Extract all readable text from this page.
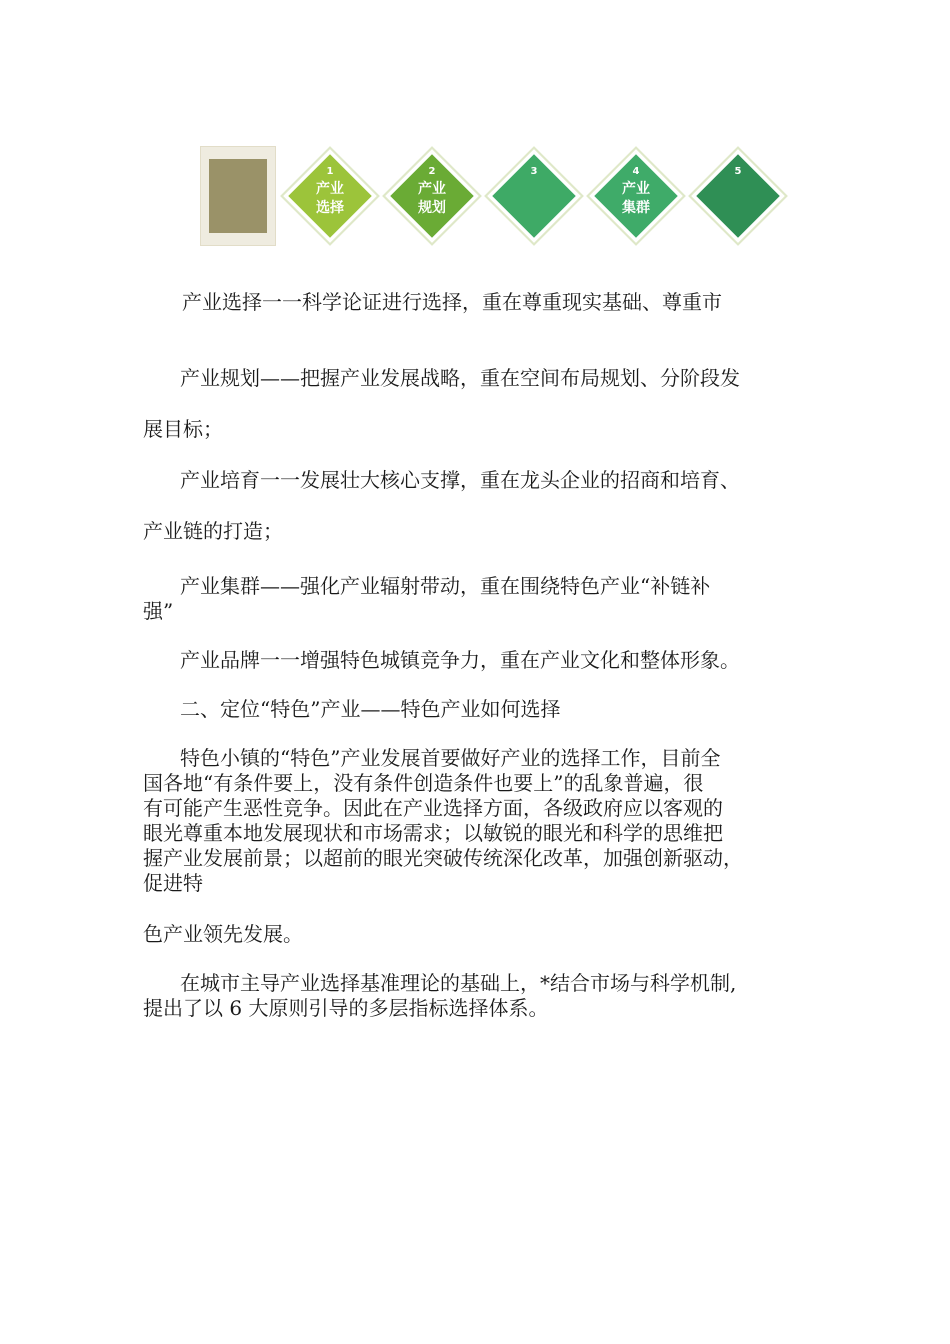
1
产业
选择
2
产业
规划
3	4
产业
集群
5

产业选择一一科学论证进行选择，重在尊重现实基础、尊重市

产业规划——把握产业发展战略，重在空间布局规划、分阶段发

展目标；

产业培育一一发展壮大核心支撑，重在龙头企业的招商和培育、

产业链的打造；

产业集群——强化产业辐射带动，重在围绕特色产业“补链补

强”

产业品牌一一增强特色城镇竞争力，重在产业文化和整体形象。

二、定位“特色”产业——特色产业如何选择

特色小镇的“特色”产业发展首要做好产业的选择工作，目前全

国各地“有条件要上，没有条件创造条件也要上”的乱象普遍，很

有可能产生恶性竞争。因此在产业选择方面，各级政府应以客观的

眼光尊重本地发展现状和市场需求；以敏锐的眼光和科学的思维把

握产业发展前景；以超前的眼光突破传统深化改革，加强创新驱动，

促进特

色产业领先发展。

在城市主导产业选择基准理论的基础上，*结合市场与科学机制,

提出了以 6 大原则引导的多层指标选择体系。
